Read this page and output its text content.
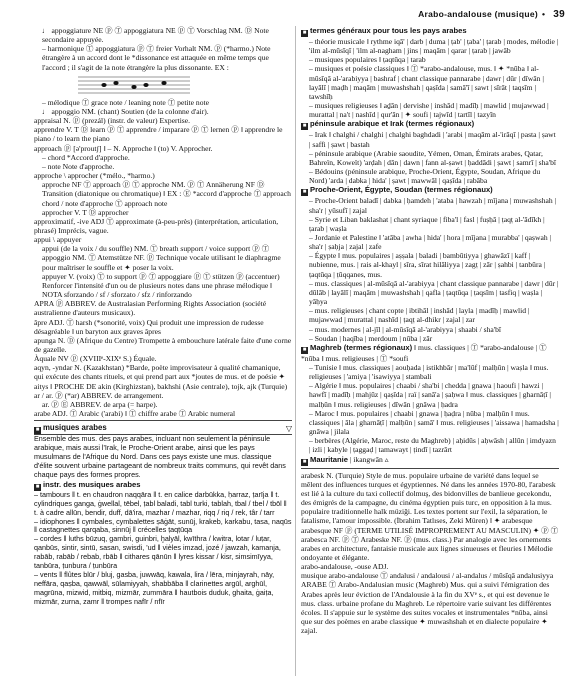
Arabo-andalouse (musique) • 39

♩ appoggiature NE ⓟ Ⓣ appoggiatura NE ⓟ Ⓣ Vorschlag NM. Ⓓ Note secondaire appuyée.

– harmonique Ⓣ appoggiatura ⓟ Ⓣ freier Vorhalt NM. ⓟ (*harmo.) Note étrangère à un accord dont le *dissonance est attaquée en même temps que l'accord ; il s'agit de la note étrangère la plus dissonante. EX :

– mélodique Ⓣ grace note / leaning note Ⓣ petite note

♩ appoggio NM. (chant) Soutien (de la colonne d'air).

appraisal N. ⓟ (prezál) (instr. de valeur) Expertise.

apprendre V. T Ⓓ learn ⓟ Ⓣ apprendre / imparare ⓟ Ⓣ lernen ⓟ ‖ apprendre le piano / to learn the piano

approach ⓟ [ə'proutʃ] ‖ – N. Approche ‖ (to) V. Approcher.

– chord *Accord d'approche.

– note Note d'approche.

approche \ approcher (*mélo., *harmo.)

approche NF Ⓣ approach ⓟ Ⓣ approche NM. ⓟ Ⓣ Annäherung NF Ⓓ Transition (diatonique ou chromatique) ‖ EX : Ⓔ *accord d'approche Ⓣ approach chord / note d'approche Ⓣ approach note

approcher V. T Ⓓ approcher

approximatif, -ive ADJ Ⓣ approximate (à-peu-près) (interprétation, articulation, phrasé) Imprécis, vague.

appui \ appuyer

appui (de la voix / du souffle) NM. Ⓣ breath support / voice support ⓟ Ⓣ appoggio NM. Ⓣ Atemstütze NF. ⓟ Technique vocale utilisant le diaphragme pour maîtriser le souffle et ✦ poser la voix.

appuyer V. (voix) Ⓣ to support ⓟ Ⓣ appoggiare ⓟ Ⓣ stützen ⓟ (accentuer) Renforcer l'intensité d'un ou de plusieurs notes dans une phrase mélodique ‖ NOTA sforzando / sf / sforzato / sfz / rinforzando

APRA ⓟ ABBREV. de Australasian Performing Rights Association (société australienne d'auteurs musicaux).

âpre ADJ. Ⓣ harsh (*sonorité, voix) Qui produit une impression de rudesse désagréable ‖ un baryton aux graves âpres

apunga N. Ⓓ (Afrique du Centre) Trompette à embouchure latérale faite d'une corne de gazelle.

Àquale NV ⓟ (XVIIIᵉ-XIXᵉ S.) Équale.

aqyn, -yndar N. (Kazakhstan) *Barde, poète improvisateur à qualité chamanique, qui exécute des chants rituels, et qui prend part aux *joutes de mus. et de poésie ✦ aitys ‖ PROCHE DE akin (Kirghizstan), bakhshi (Asie centrale), tojk, ajk (Turquie)

ar / ar. ⓟ (*ar) ABBREV. de arrangement.

ar. ⓟ Ⓔ ABBREV. de arpa (= harpe).

arabe ADJ. Ⓣ Arabic ('arabi) ‖ Ⓣ chiffre arabe Ⓣ Arabic numeral

■ musiques arabes	▽

Ensemble des mus. des pays arabes, incluant non seulement la péninsule arabique, mais aussi l'Irak, le Proche-Orient arabe, ainsi que les pays musulmans de l'Afrique du Nord. Dans ces pays existe une mus. classique d'élite souvent urbaine partageant de nombreux traits communs, qui revêt dans chaque pays des formes propres.

■ instr. des musiques arabes

– tambours ‖ t. en chaudron naqqāra ‖ t. en calice darbūkka, ḥarraz, ṭarīja ‖ t. cylindriques ganga, ġwellal, tēbel, ṭabl baladi, tabl turki, tablah, tbal / tbel / tbōl ‖ t. à cadre allūn, bendir, duff, dā'ira, mazhar / mazhar, riqq / riq / rek, târ / tarr

– idiophones ‖ cymbales, cymbalettes ṣāġāt, sunūj, krakeb, karkabu, tasa, naqūs ‖ castagnettes qarqaba, sinnūj ‖ crécelles ṭaqṭūqa

– cordes ‖ luths būzuq, gambri, guinbri, ḫalyāl, kwīthra / kwitra, lotar / luṭar, qanbūs, sintir, sintū, sasan, swisdi, 'ud ‖ vièles imzad, jozé / jawzah, kamanja, rabāb, rabāb / rebab, rbāb ‖ cithares qānūn ‖ lyres kissar / kisr, simsimīyya, tanbūra, ṭunbura / ṭunbūra

– vents ‖ flûtes blūr / bluj, gasba, juwwāq, kawala, lira / lēra, minjayrah, nāy, neffāra, qaṣba, qawwāl, sūlamiyyah, shabbāba ‖ clarinettes argūl, arghūl, magrūna, mizwid, mitbiq, mizmār, zummāra ‖ hautbois duduk, ghaita, ġaiṭa, mizmār, zurna, zamr ‖ trompes nafīr / nfīr

■ termes généraux pour tous les pays arabes

– théorie musicale ‖ rythme iqā' | darb | duma | ṭab' | ṭaba' | ṭarab | modes, mélodie | 'ilm al-mūsīqī | 'ilm al-nagham | jins | maqām | qarar | ṭarab | jawāb

– musiques populaires ‖ ṭaqtūqa | tarab

– musiques et poésie classiques ‖ Ⓣ *arabo-andalouse, mus. ‖ ✦ *nūba ‖ al-mūsīqā al-'arabiyya | bashraf | chant classique pannarabe | dawr | dūr | dīwān | layālī | maḍh | maqām | muwashshah | qaṣīda | samā'ī | sawt | sīrāt | taqsīm | tawshīḥ

– musiques religieuses ‖ aḏān | dervishe | inshād | madīḥ | mawlid | mujawwad | murattal | na't | nashīd | qur'ān | ✦ soufi | tajwīd | tartīl | tazyīn

■ péninsule arabique et Irak (termes régionaux)

– Irak ‖ chalghi / chalghi | chalghi baghdadi | 'arabi | maqām al-'irāqī | pasta | ṣawt | saffi | ṣawt | bastah

– péninsule arabique (Arabie saoudite, Yémen, Oman, Émirats arabes, Qatar, Bahreïn, Koweït) 'arḍah | dān | dawn | fann al-ṣawt | ḥaddādi | ṣawt | samrī | sha'bī

– Bédouins (péninsule arabique, Proche-Orient, Égypte, Soudan, Afrique du Nord) 'arda | dabka | hida' | ṣawt | mawwāl | qaṣīda | rabāba

■ Proche-Orient, Égypte, Soudan (termes régionaux)

– Proche-Orient baladī | dabka | ḥamdeh | 'ataba | hawzah | mījana | muwashshah | sha'r | yūsufī | zajal

– Syrie et Liban baklashat | chant syriaque | fiba'l | fasl | fuṣḥā | ṭaqṭ al-'ādīkh | ṭarab | waṣla

– Jordanie et Palestine ‖ 'atāba | awha | hida' | hora | mījana | murabba' | qaṣwah | sha'r | ṣaḥja | zajal | zafe

– Égypte ‖ mus. populaires | aṣṣala | baladi | bambūtiyya | ghawāzī | kaff | nubienne, mus. | rais al-khayl | sīra, sīrat hilāliyya | zagṭ | zār | ṣahbi | tanbūra | ṭaqtūqa | ṭūqqanes, mus.

– mus. classiques | al-mūsīqā al-'arabiyya | chant classique pannarabe | dawr | dūr | dūlāb | layālī | maqām | muwashshah | qafla | ṭaqtūqa | ṭaqsīm | tasfiq | waṣla | yāḥya

– mus. religieuses | chant copte | ibtihāl | inshād | layla | madīḥ | mawlid | mujawwad | murattal | nashīd | ṭaqṭ al-dhikr | zajal | zar

– mus. modernes | al-jīl | al-mūsīqā al-'arabiyya | shaabi / sha'bī

– Soudan | haqība | merdoum | nūba | zār

■ Maghreb (termes régionaux) ‖ mus. classiques | Ⓣ *arabo-andalouse | Ⓣ *nūba ‖ mus. religieuses | Ⓣ *soufi

– Tunisie ‖ mus. classiques | aouḥada | istikhbār | ma'lūf | malḥūn | waṣla ‖ mus. religieuses | 'amiya | 'isawiyya | stambali

– Algérie ‖ mus. populaires | chaabi / sha'bi | chedda | gnawa | haoufi | hawzi | hawfī | madīḥ | mahjūz | qaṣīda | raï | sanā'a | ṣaḥwa ‖ mus. classiques | gharnāṭī | malḥūn ‖ mus. religieuses | dīwān | gnāwa | ḥadra

– Maroc ‖ mus. populaires | chaabi | gnawa | ḥaḍra | nūba | malḥūn ‖ mus. classiques | āla | gharnāṭī | malḥūn | samā' ‖ mus. religieuses | 'aissawa | hamadsha | gnāwa | jilala

– berbères (Algérie, Maroc, reste du Maghreb) | aḥidūs | aḥwāsh | allūn | imdyazn | izli | kabyle | ṭaggaḍ | tamawayt | ṭindī | tazrārt

■ Mauritanie | ikangwān ▵

arabesk N. (Turquie) Style de mus. populaire urbaine de variété dans lequel se mêlent des influences turques et égyptiennes. Né dans les années 1970-80, l'arabesk est lié à la culture du taxi collectif dolmuş, des bidonvilles de banlieue gecekondu, des émigrés de la campagne, du cinéma égyptien puis turc, en opposition à la mus. populaire traditionnelle halk müziği. Les textes portent sur l'exil, la séparation, le fatalisme, l'amour impossible. (İbrahim Tatlıses, Zeki Müren) ‖ ✦ arabesque

arabesque NF ⓟ (TERME UTILISÉ IMPROPREMENT AU MASCULIN) ✦ ⓟ Ⓣ arabesca NF. ⓟ Ⓣ Arabeske NF. ⓟ (mus. class.) Par analogie avec les ornements arabes en architecture, fantaisie musicale aux lignes sinueuses et fleuries ‖ Mélodie ondoyante et élégante.

arabo-andalouse, -ouse ADJ.

musique arabo-andalouse Ⓣ andalusi / andalousi / al-andalus / mūsīqā andalusiyya ARABE Ⓣ Arabo-Andalusian music (Maghreb) Mus. qui a suivi l'émigration des Arabes après leur éviction de l'Andalousie à la fin du XVᵉ s., et qui est devenue le mus. class. urbaine profane du Maghreb. Le répertoire varie suivant les différentes écoles. Il s'appuie sur le système des suites vocales et instrumentales *nūba, ainsi que sur des poèmes en arabe classique ✦ muwashshah et en dialecte populaire ✦ zajal.
